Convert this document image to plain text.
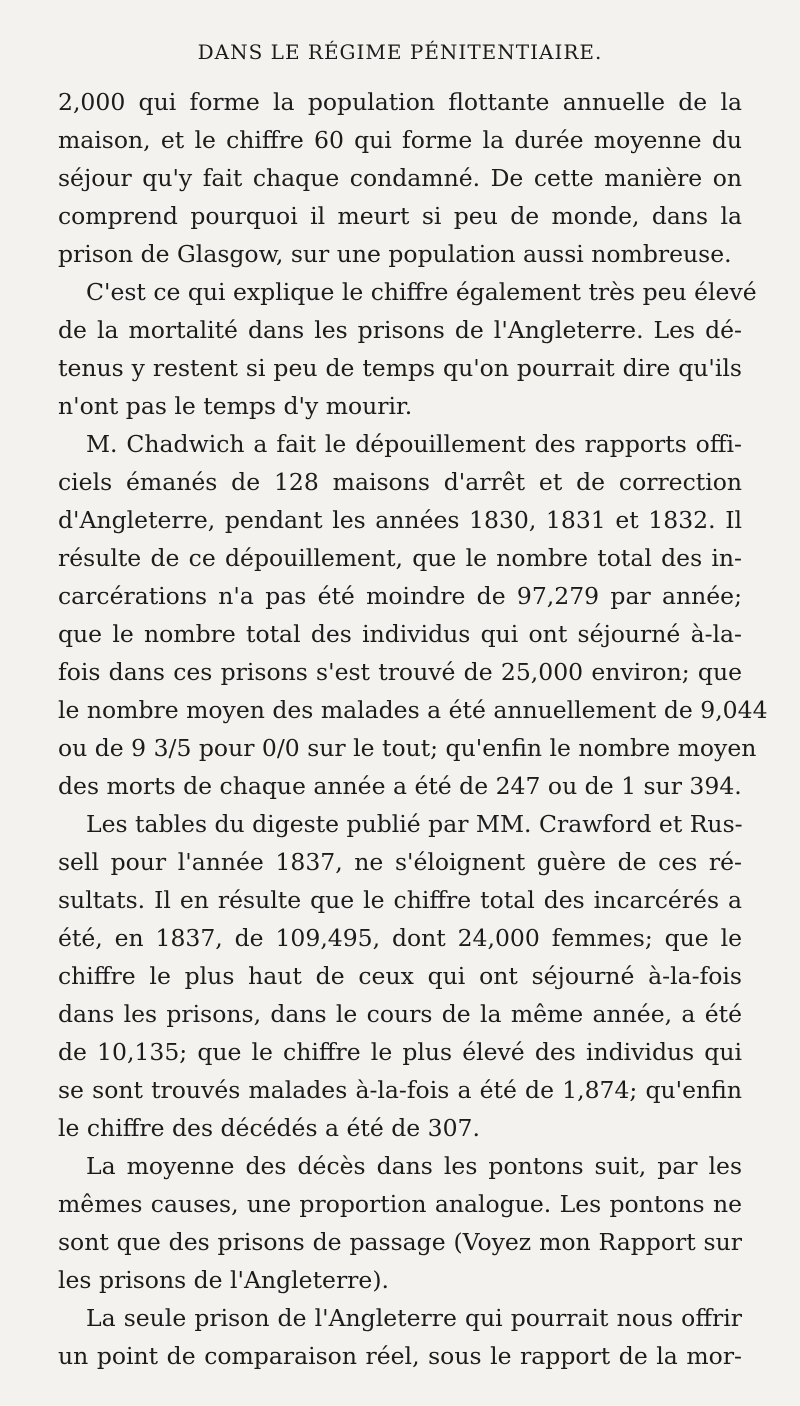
DANS LE RÉGIME PÉNITENTIAIRE.
2,000 qui forme la population flottante annuelle de la
maison, et le chiffre 60 qui forme la durée moyenne du
séjour qu'y fait chaque condamné. De cette manière on
comprend pourquoi il meurt si peu de monde, dans la
prison de Glasgow, sur une population aussi nombreuse.
C'est ce qui explique le chiffre également très peu élevé
de la mortalité dans les prisons de l'Angleterre. Les dé-
tenus y restent si peu de temps qu'on pourrait dire qu'ils
n'ont pas le temps d'y mourir.
M. Chadwich a fait le dépouillement des rapports offi-
ciels émanés de 128 maisons d'arrêt et de correction
d'Angleterre, pendant les années 1830, 1831 et 1832. Il
résulte de ce dépouillement, que le nombre total des in-
carcérations n'a pas été moindre de 97,279 par année;
que le nombre total des individus qui ont séjourné à-la-
fois dans ces prisons s'est trouvé de 25,000 environ; que
le nombre moyen des malades a été annuellement de 9,044
ou de 9 3/5 pour 0/0 sur le tout; qu'enfin le nombre moyen
des morts de chaque année a été de 247 ou de 1 sur 394.
Les tables du digeste publié par MM. Crawford et Rus-
sell pour l'année 1837, ne s'éloignent guère de ces ré-
sultats. Il en résulte que le chiffre total des incarcérés a
été, en 1837, de 109,495, dont 24,000 femmes; que le
chiffre le plus haut de ceux qui ont séjourné à-la-fois
dans les prisons, dans le cours de la même année, a été
de 10,135; que le chiffre le plus élevé des individus qui
se sont trouvés malades à-la-fois a été de 1,874; qu'enfin
le chiffre des décédés a été de 307.
La moyenne des décès dans les pontons suit, par les
mêmes causes, une proportion analogue. Les pontons ne
sont que des prisons de passage (Voyez mon Rapport sur
les prisons de l'Angleterre).
La seule prison de l'Angleterre qui pourrait nous offrir
un point de comparaison réel, sous le rapport de la mor-
